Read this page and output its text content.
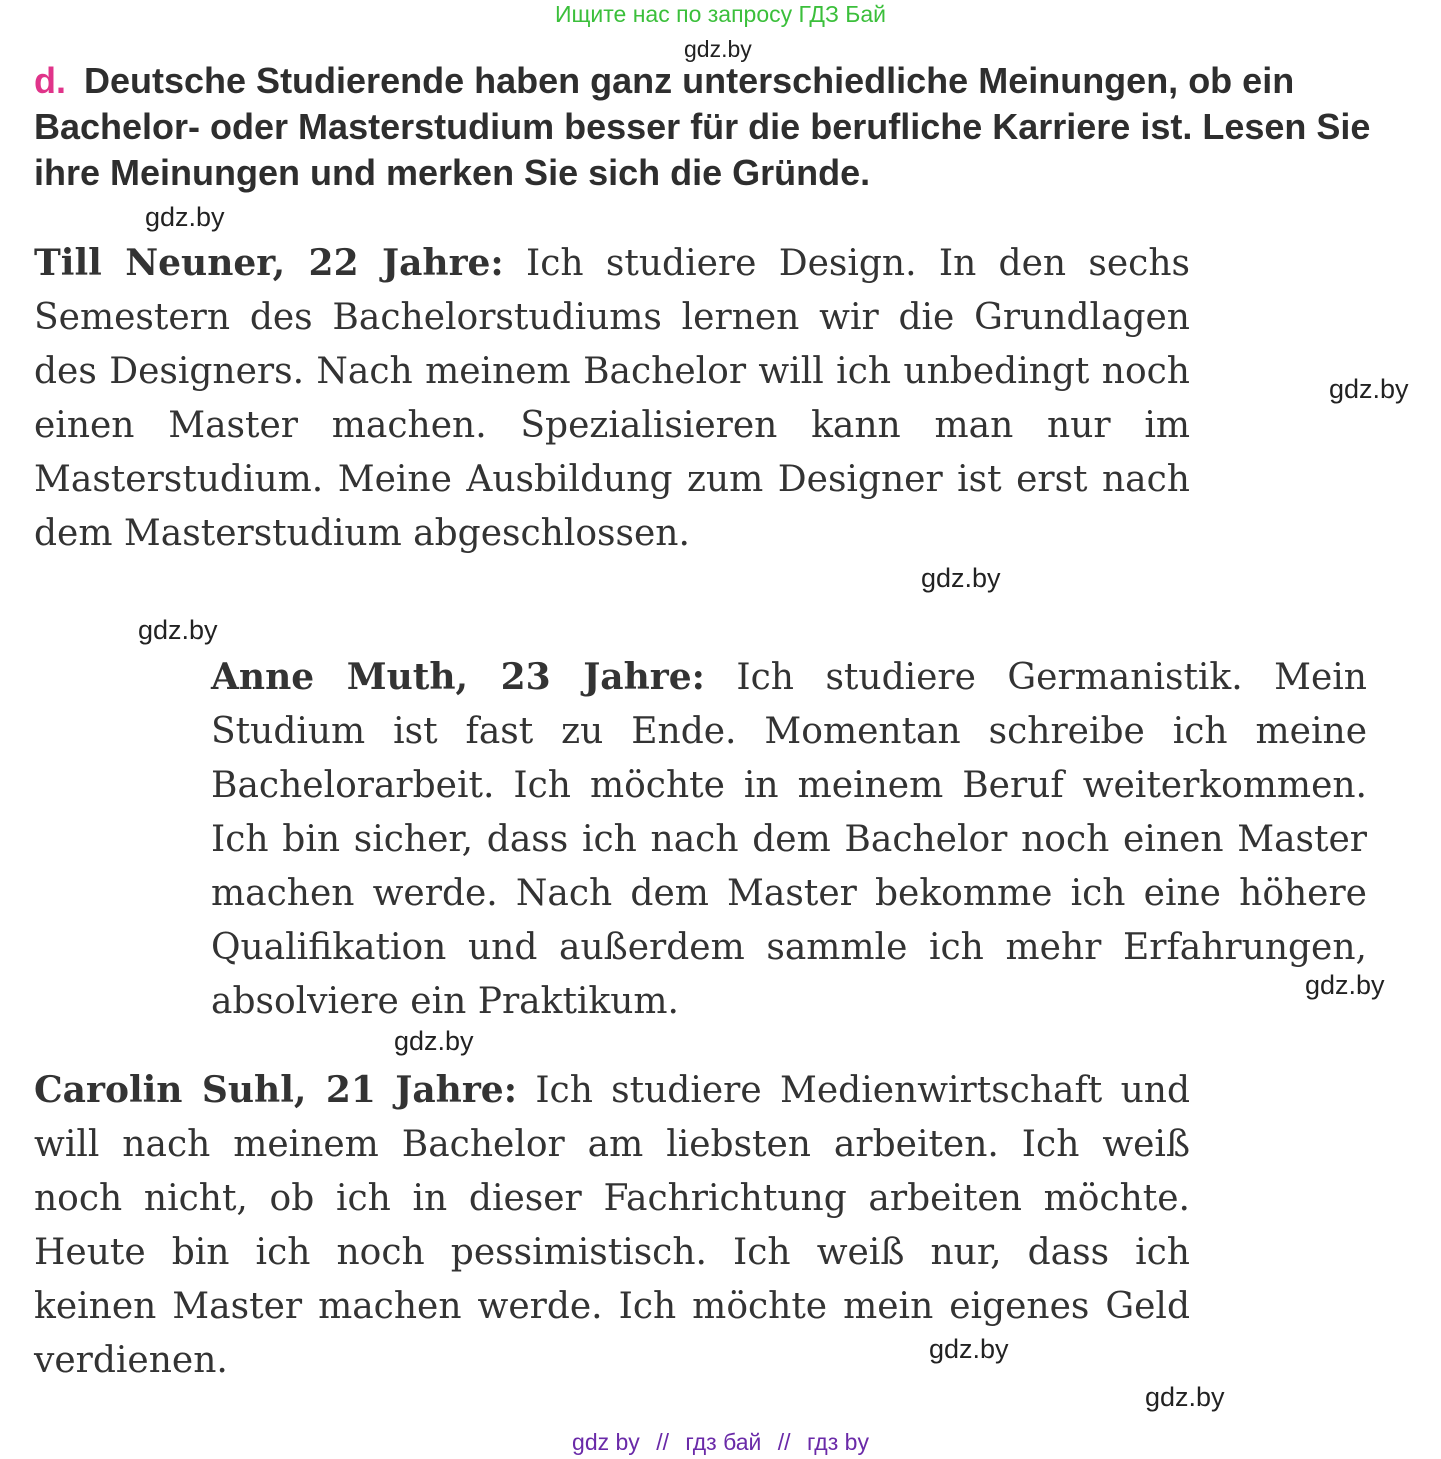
Ищите нас по запросу ГДЗ Бай
gdz.by
d. Deutsche Studierende haben ganz unterschiedliche Meinungen, ob ein Bachelor- oder Masterstudium besser für die berufliche Karriere ist. Lesen Sie ihre Meinungen und merken Sie sich die Gründe.
gdz.by
Till Neuner, 22 Jahre: Ich studiere Design. In den sechs Semestern des Bachelorstudiums lernen wir die Grundlagen des Designers. Nach meinem Bachelor will ich unbedingt noch einen Master machen. Spezialisieren kann man nur im Masterstudium. Meine Ausbildung zum Designer ist erst nach dem Masterstudium abgeschlossen.
gdz.by
gdz.by
gdz.by
Anne Muth, 23 Jahre: Ich studiere Germanistik. Mein Studium ist fast zu Ende. Momentan schreibe ich meine Bachelorarbeit. Ich möchte in meinem Beruf weiterkommen. Ich bin sicher, dass ich nach dem Bachelor noch einen Master machen werde. Nach dem Master bekomme ich eine höhere Qualifikation und außerdem sammle ich mehr Erfahrungen, absolviere ein Praktikum.	gdz.by
gdz.by
Carolin Suhl, 21 Jahre: Ich studiere Medienwirtschaft und will nach meinem Bachelor am liebsten arbeiten. Ich weiß noch nicht, ob ich in dieser Fachrichtung arbeiten möchte. Heute bin ich noch pessimistisch. Ich weiß nur, dass ich keinen Master machen werde. Ich möchte mein eigenes Geld verdienen.	gdz.by
gdz.by
gdz by // гдз бай // гдз by
